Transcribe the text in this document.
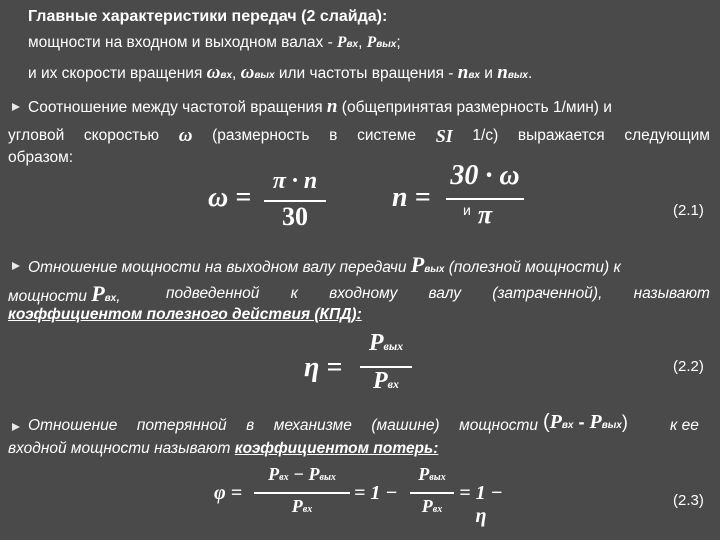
Главные характеристики передач (2 слайда):
мощности на входном и выходном валах - Pвх, Pвых;
и их скорости вращения ωвх, ωвых или частоты вращения - nвх и nвых.
Соотношение между частотой вращения n (общепринятая размерность 1/мин) и
угловой скоростью ω (размерность в системе SI 1/с) выражается следующим
образом:
ω =
π · n
30
n =
30 · ω
π
и	(2.1)
Отношение мощности на выходном валу передачи Pвых (полезной мощности) к
мощности Pвх,	подведенной к входному валу (затраченной), называют
коэффициентом полезного действия (КПД):
η =
Pвых
Pвх
(2.2)
Отношение потерянной в механизме (машине) мощности (Pвх - Pвых)	к ее
входной мощности называют коэффициентом потерь:
φ =
Pвх − Pвых
Pвх
= 1 −
Pвых
Pвх
= 1 − η
(2.3)
